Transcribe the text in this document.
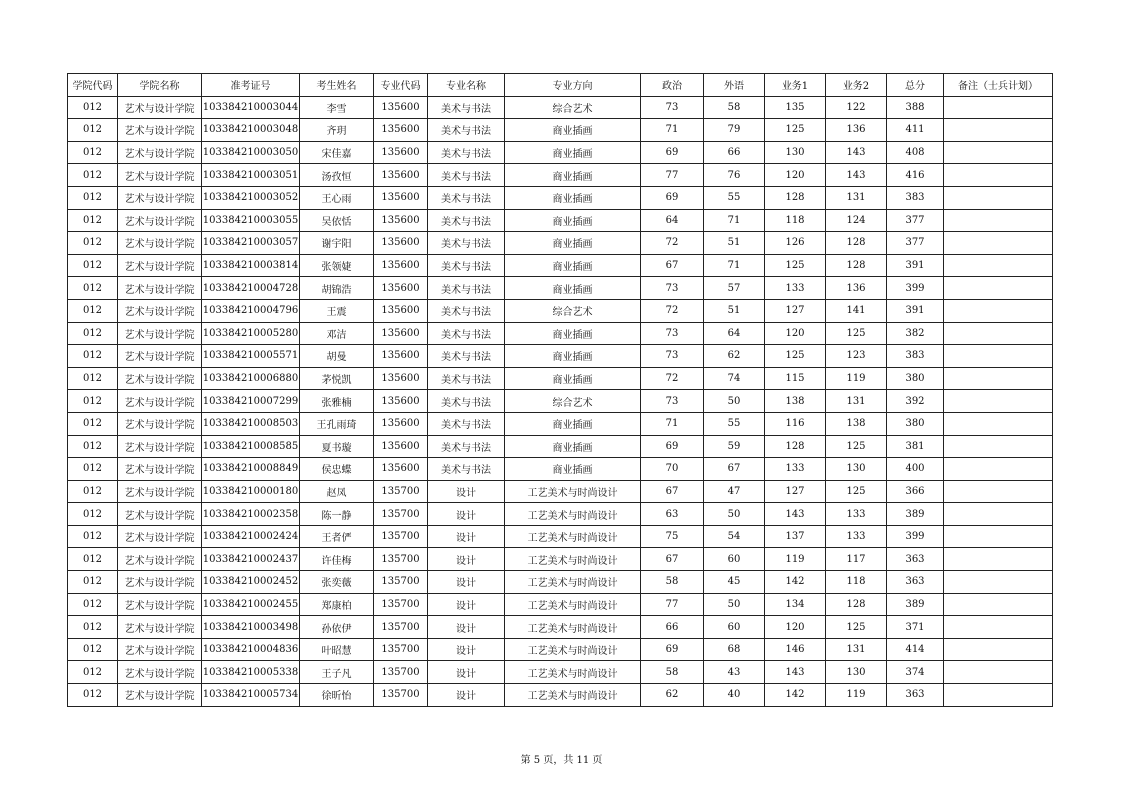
学院代码	学院名称	准考证号	考生姓名	专业代码	专业名称	专业方向	政治	外语	业务1	业务2	总分	备注（士兵计划）
012	艺术与设计学院	103384210003044	李雪	135600	美术与书法	综合艺术	73	58	135	122	388	
012	艺术与设计学院	103384210003048	齐玥	135600	美术与书法	商业插画	71	79	125	136	411	
012	艺术与设计学院	103384210003050	宋佳嘉	135600	美术与书法	商业插画	69	66	130	143	408	
012	艺术与设计学院	103384210003051	汤孜恒	135600	美术与书法	商业插画	77	76	120	143	416	
012	艺术与设计学院	103384210003052	王心雨	135600	美术与书法	商业插画	69	55	128	131	383	
012	艺术与设计学院	103384210003055	吴依恬	135600	美术与书法	商业插画	64	71	118	124	377	
012	艺术与设计学院	103384210003057	谢宇阳	135600	美术与书法	商业插画	72	51	126	128	377	
012	艺术与设计学院	103384210003814	张领婕	135600	美术与书法	商业插画	67	71	125	128	391	
012	艺术与设计学院	103384210004728	胡锦浩	135600	美术与书法	商业插画	73	57	133	136	399	
012	艺术与设计学院	103384210004796	王震	135600	美术与书法	综合艺术	72	51	127	141	391	
012	艺术与设计学院	103384210005280	邓洁	135600	美术与书法	商业插画	73	64	120	125	382	
012	艺术与设计学院	103384210005571	胡曼	135600	美术与书法	商业插画	73	62	125	123	383	
012	艺术与设计学院	103384210006880	茅悦凯	135600	美术与书法	商业插画	72	74	115	119	380	
012	艺术与设计学院	103384210007299	张雅楠	135600	美术与书法	综合艺术	73	50	138	131	392	
012	艺术与设计学院	103384210008503	王孔雨琦	135600	美术与书法	商业插画	71	55	116	138	380	
012	艺术与设计学院	103384210008585	夏书璇	135600	美术与书法	商业插画	69	59	128	125	381	
012	艺术与设计学院	103384210008849	侯忠蝶	135600	美术与书法	商业插画	70	67	133	130	400	
012	艺术与设计学院	103384210000180	赵凤	135700	设计	工艺美术与时尚设计	67	47	127	125	366	
012	艺术与设计学院	103384210002358	陈一静	135700	设计	工艺美术与时尚设计	63	50	143	133	389	
012	艺术与设计学院	103384210002424	王者俨	135700	设计	工艺美术与时尚设计	75	54	137	133	399	
012	艺术与设计学院	103384210002437	许佳梅	135700	设计	工艺美术与时尚设计	67	60	119	117	363	
012	艺术与设计学院	103384210002452	张奕薇	135700	设计	工艺美术与时尚设计	58	45	142	118	363	
012	艺术与设计学院	103384210002455	郑康柏	135700	设计	工艺美术与时尚设计	77	50	134	128	389	
012	艺术与设计学院	103384210003498	孙依伊	135700	设计	工艺美术与时尚设计	66	60	120	125	371	
012	艺术与设计学院	103384210004836	叶昭慧	135700	设计	工艺美术与时尚设计	69	68	146	131	414	
012	艺术与设计学院	103384210005338	王子凡	135700	设计	工艺美术与时尚设计	58	43	143	130	374	
012	艺术与设计学院	103384210005734	徐昕怡	135700	设计	工艺美术与时尚设计	62	40	142	119	363	
第 5 页，共 11 页
